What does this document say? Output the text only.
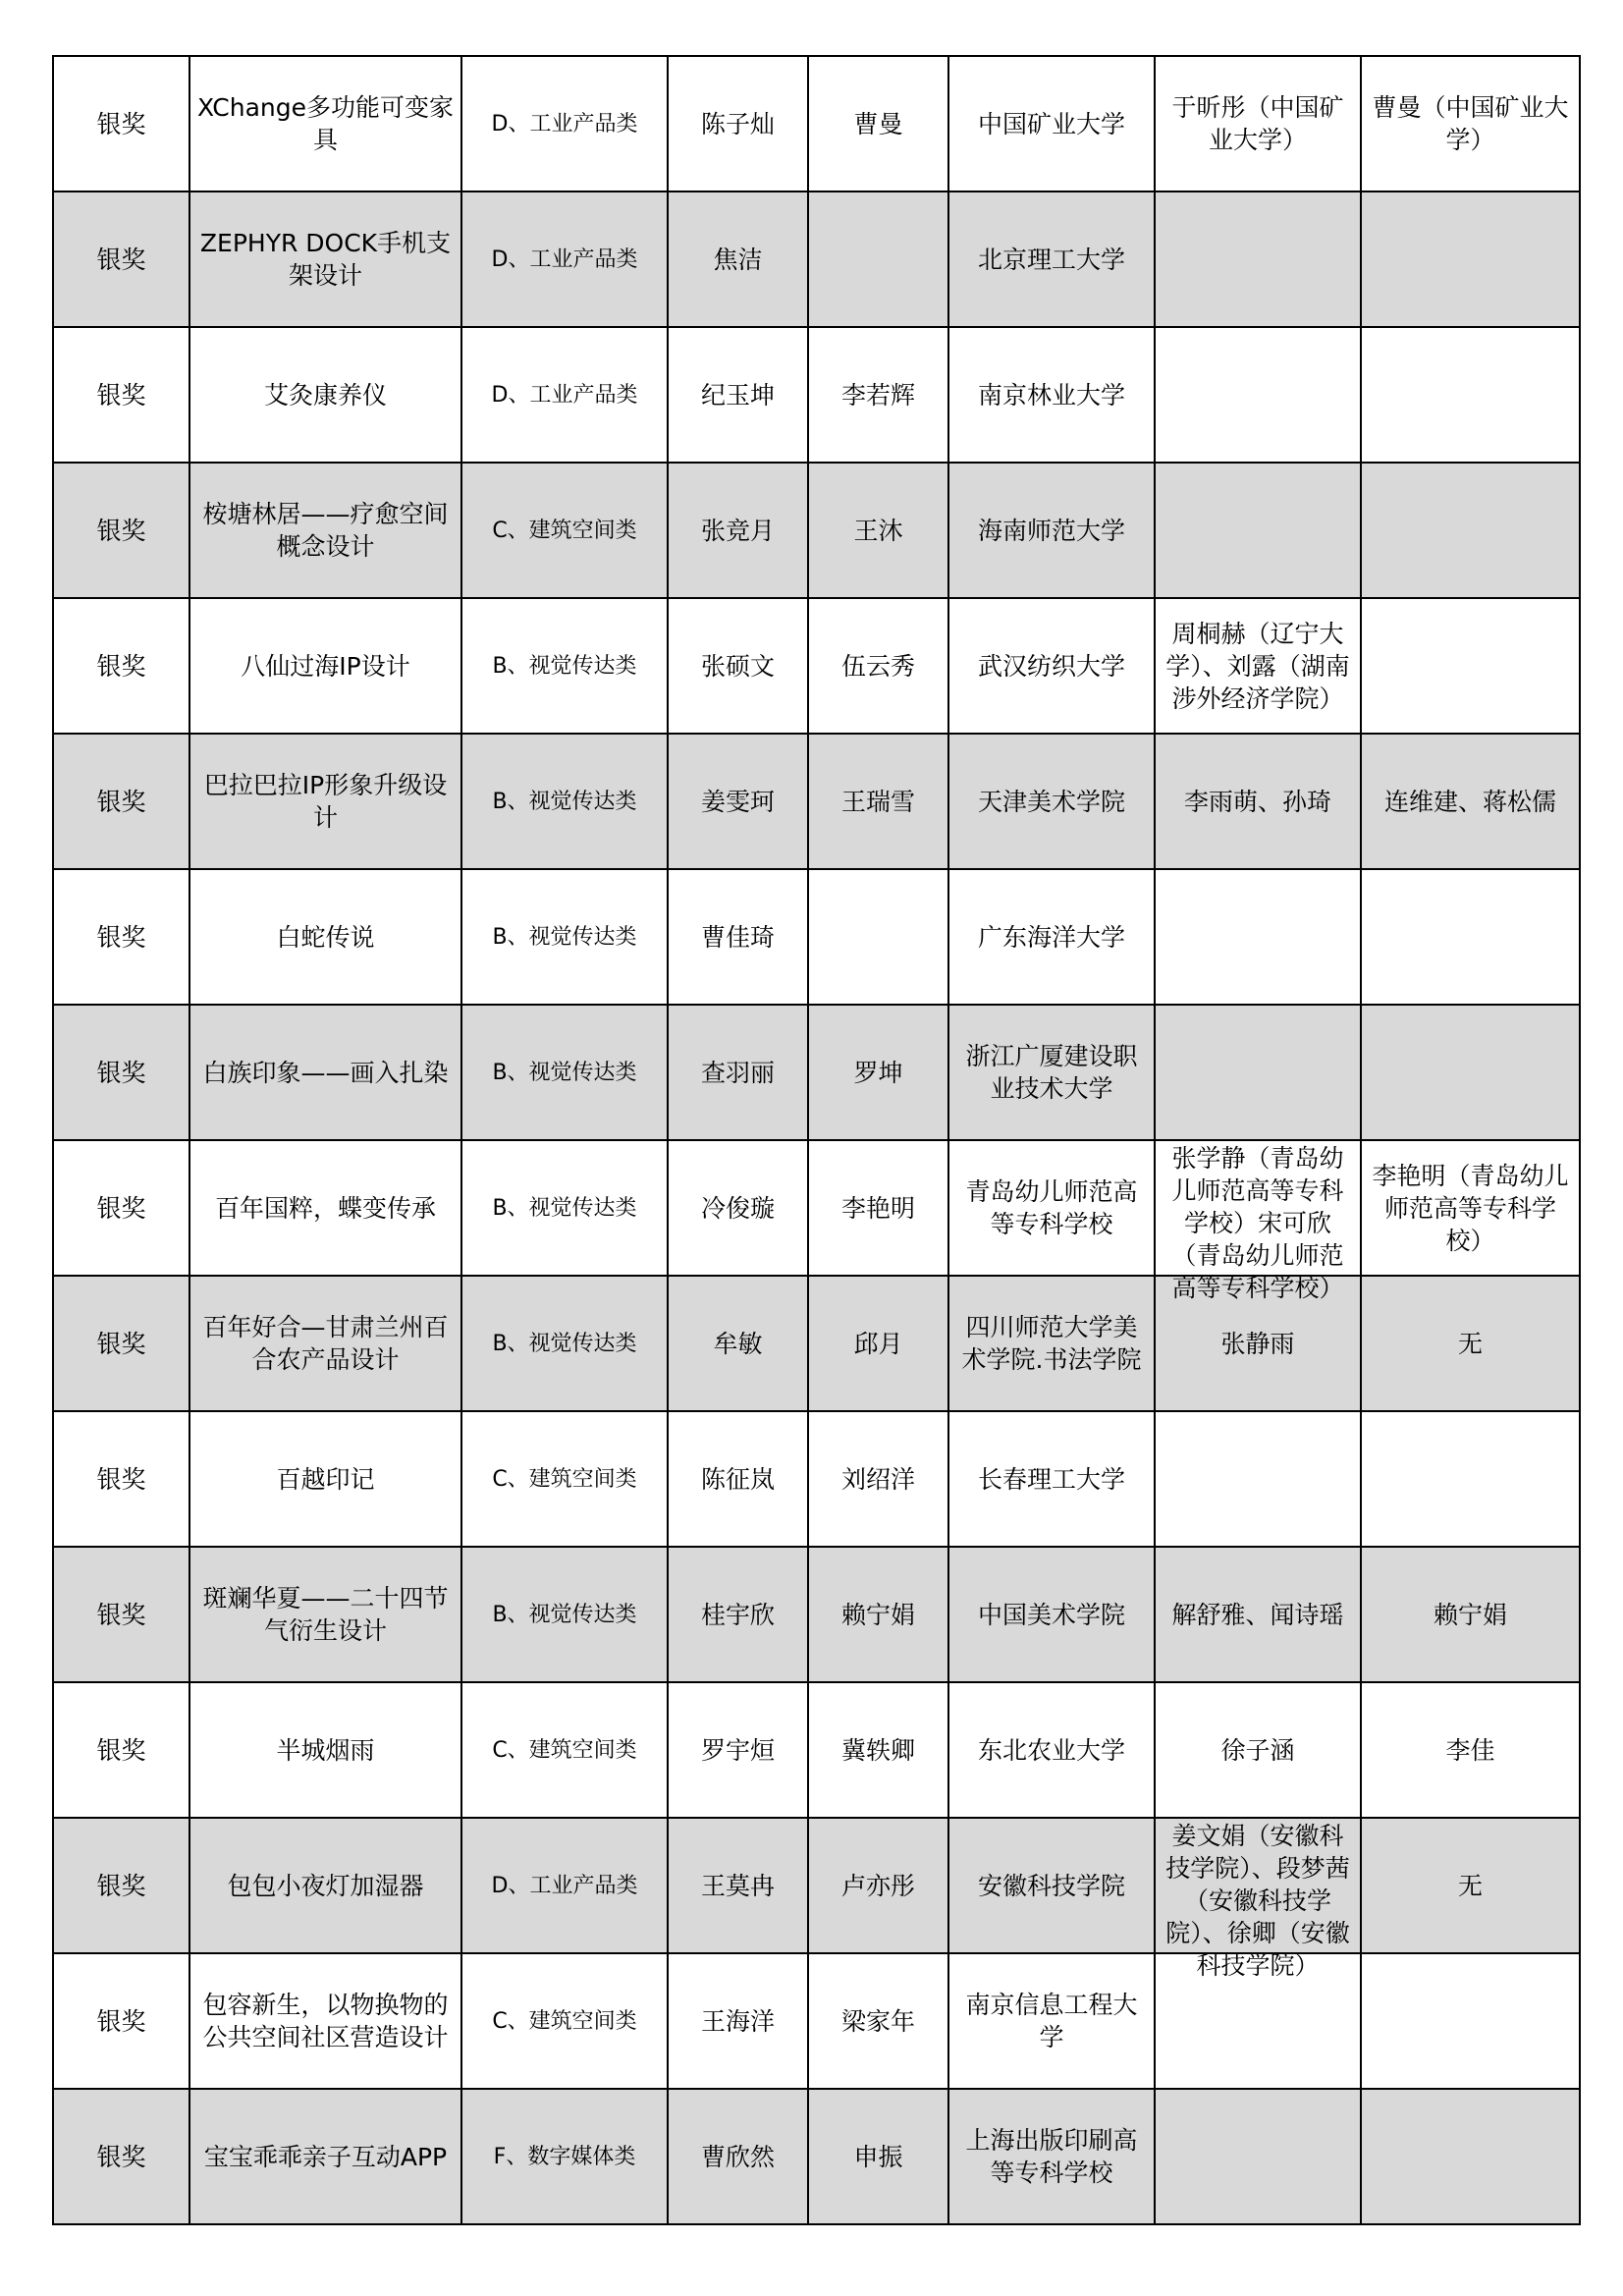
银奖	XChange多功能可变家具	D、工业产品类	陈子灿	曹曼	中国矿业大学	于昕彤（中国矿业大学）	曹曼（中国矿业大学）

银奖	ZEPHYR DOCK手机支架设计	D、工业产品类	焦洁		北京理工大学		

银奖	艾灸康养仪	D、工业产品类	纪玉坤	李若辉	南京林业大学		

银奖	桉塘林居——疗愈空间概念设计	C、建筑空间类	张竞月	王沐	海南师范大学		

银奖	八仙过海IP设计	B、视觉传达类	张硕文	伍云秀	武汉纺织大学	周桐赫（辽宁大学）、刘露（湖南涉外经济学院）	

银奖	巴拉巴拉IP形象升级设计	B、视觉传达类	姜雯珂	王瑞雪	天津美术学院	李雨萌、孙琦	连维建、蒋松儒

银奖	白蛇传说	B、视觉传达类	曹佳琦		广东海洋大学		

银奖	白族印象——画入扎染	B、视觉传达类	查羽丽	罗坤	浙江广厦建设职业技术大学		

银奖	百年国粹，蝶变传承	B、视觉传达类	冷俊璇	李艳明	青岛幼儿师范高等专科学校	张学静（青岛幼儿师范高等专科学校）宋可欣（青岛幼儿师范	李艳明（青岛幼儿师范高等专科学校）

银奖	百年好合—甘肃兰州百合农产品设计	B、视觉传达类	牟敏	邱月	四川师范大学美术学院.书法学院	张静雨	无

银奖	百越印记	C、建筑空间类	陈征岚	刘绍洋	长春理工大学		

银奖	斑斓华夏——二十四节气衍生设计	B、视觉传达类	桂宇欣	赖宁娟	中国美术学院	解舒雅、闻诗瑶	赖宁娟

银奖	半城烟雨	C、建筑空间类	罗宇烜	冀轶卿	东北农业大学	徐子涵	李佳

银奖	包包小夜灯加湿器	D、工业产品类	王莫冉	卢亦彤	安徽科技学院	姜文娟（安徽科技学院）、段梦茜（安徽科技学院）、徐卿（安徽科技学院）	无

银奖	包容新生，以物换物的公共空间社区营造设计	C、建筑空间类	王海洋	梁家年	南京信息工程大学		

银奖	宝宝乖乖亲子互动APP	F、数字媒体类	曹欣然	申振	上海出版印刷高等专科学校		
